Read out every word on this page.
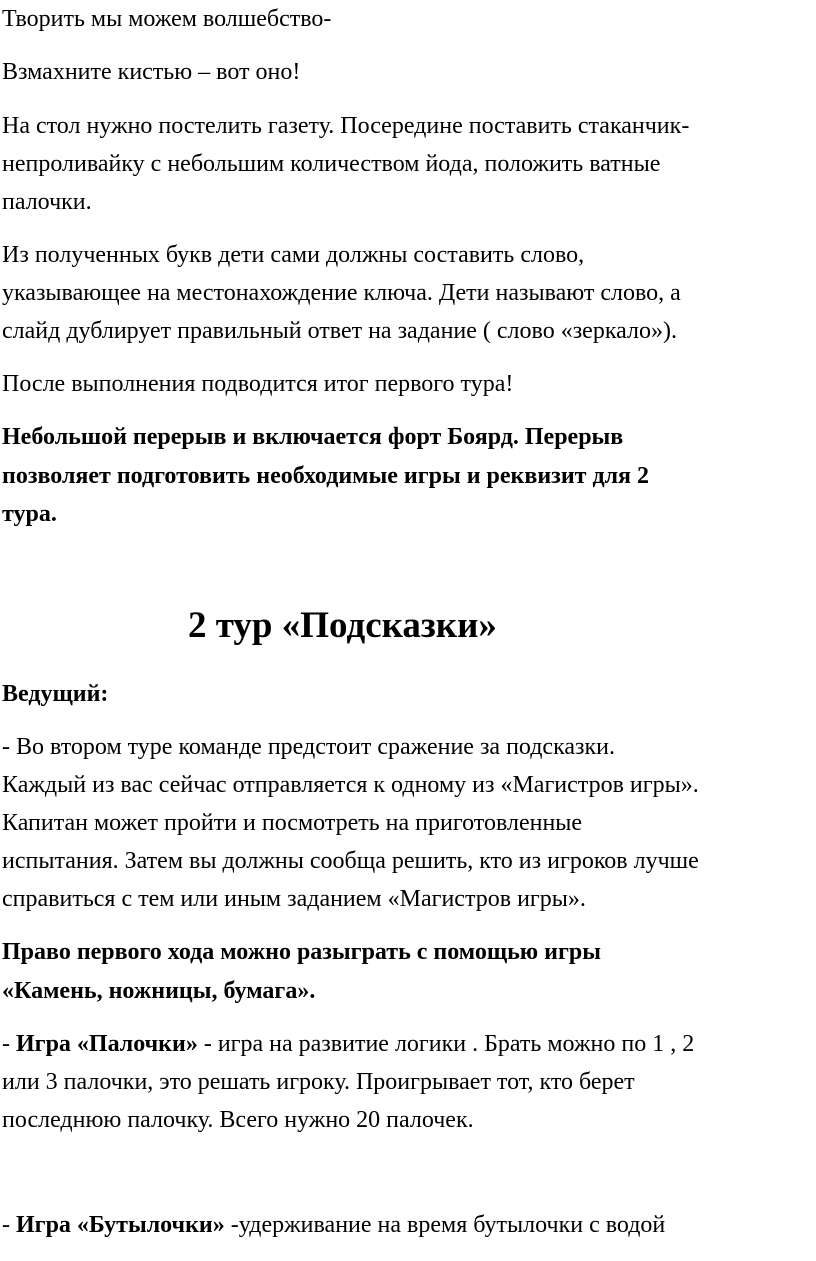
Творить мы можем волшебство-
Взмахните кистью – вот оно!
На стол нужно постелить газету. Посередине поставить стаканчик-
непроливайку с небольшим количеством йода, положить ватные
палочки.
Из полученных букв дети сами должны составить слово,
указывающее на местонахождение ключа. Дети называют слово, а
слайд дублирует правильный ответ на задание ( слово «зеркало»).
После выполнения подводится итог первого тура!
Небольшой перерыв и включается форт Боярд. Перерыв
позволяет подготовить необходимые игры и реквизит для 2
тура.
2 тур «Подсказки»
Ведущий:
- Во втором туре команде предстоит сражение за подсказки.
Каждый из вас сейчас отправляется к одному из «Магистров игры».
Капитан может пройти и посмотреть на приготовленные
испытания. Затем вы должны сообща решить, кто из игроков лучше
справиться с тем или иным заданием «Магистров игры».
Право первого хода можно разыграть с помощью игры
«Камень, ножницы, бумага».
- Игра «Палочки» - игра на развитие логики . Брать можно по 1 , 2
или 3 палочки, это решать игроку. Проигрывает тот, кто берет
последнюю палочку. Всего нужно 20 палочек.
- Игра «Бутылочки» -удерживание на время бутылочки с водой
